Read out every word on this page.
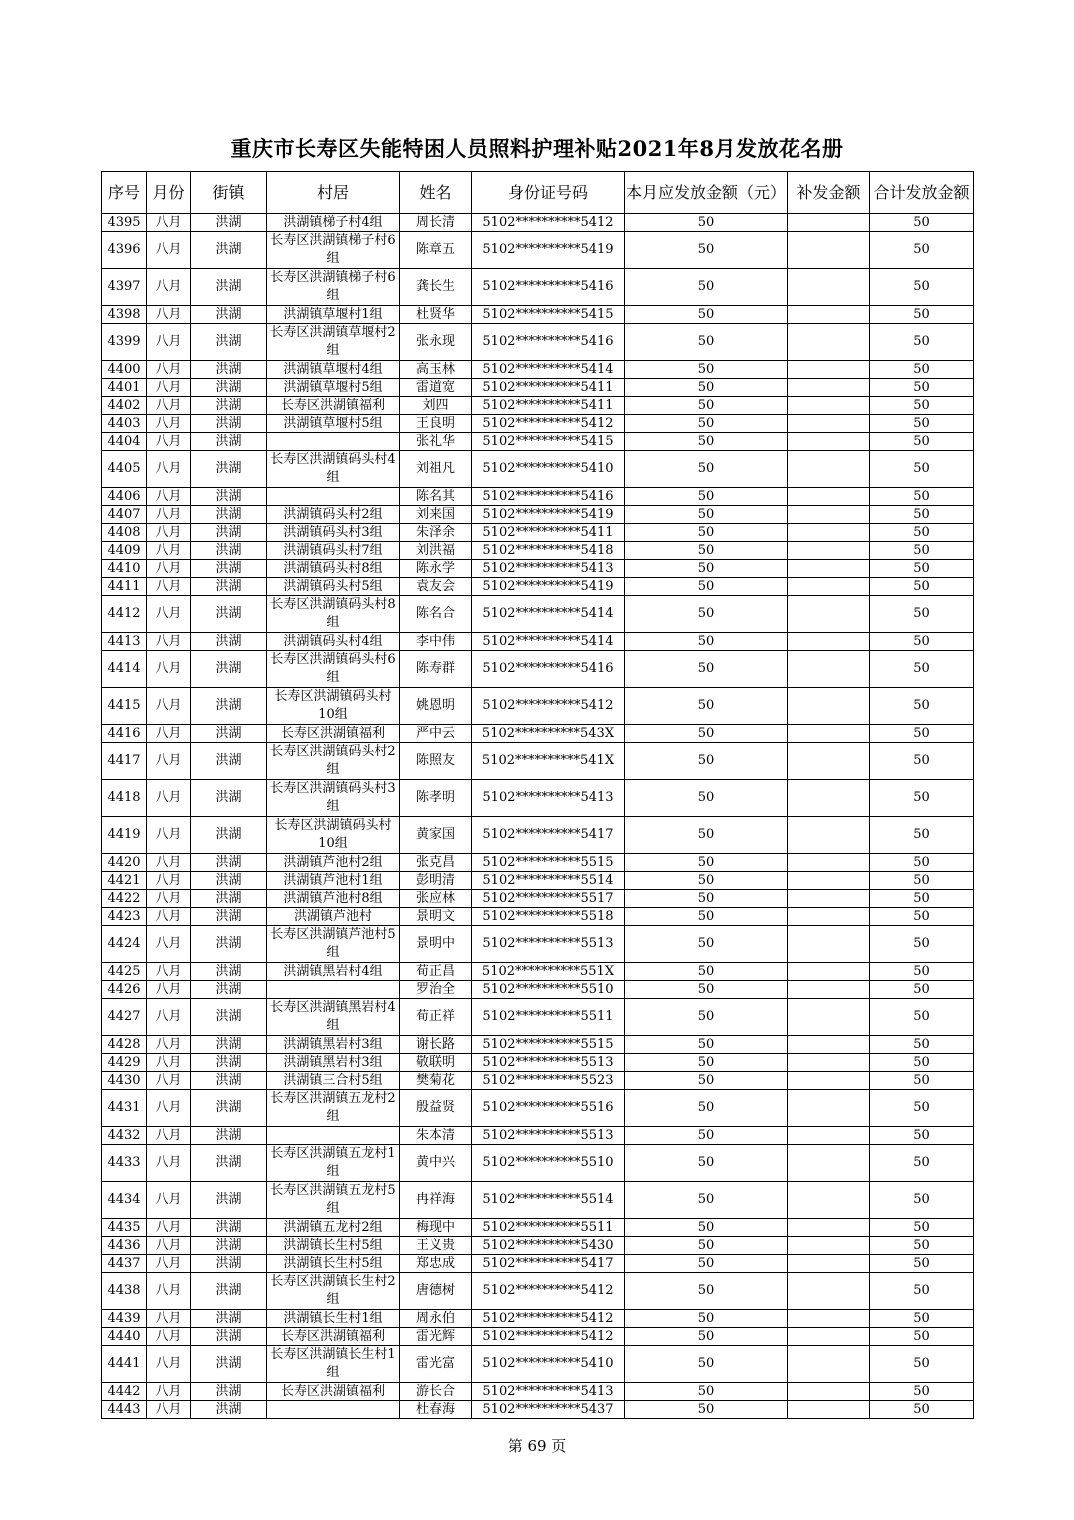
重庆市长寿区失能特困人员照料护理补贴2021年8月发放花名册
序号	月份	街镇	村居	姓名	身份证号码	本月应发放金额（元）	补发金额	合计发放金额
4395	八月	洪湖	洪湖镇梯子村4组	周长清	5102**********5412	50		50
4396	八月	洪湖	长寿区洪湖镇梯子村6组	陈章五	5102**********5419	50		50
4397	八月	洪湖	长寿区洪湖镇梯子村6组	龚长生	5102**********5416	50		50
4398	八月	洪湖	洪湖镇草堰村1组	杜贤华	5102**********5415	50		50
4399	八月	洪湖	长寿区洪湖镇草堰村2组	张永现	5102**********5416	50		50
4400	八月	洪湖	洪湖镇草堰村4组	高玉林	5102**********5414	50		50
4401	八月	洪湖	洪湖镇草堰村5组	雷道宽	5102**********5411	50		50
4402	八月	洪湖	长寿区洪湖镇福利	刘四	5102**********5411	50		50
4403	八月	洪湖	洪湖镇草堰村5组	王良明	5102**********5412	50		50
4404	八月	洪湖		张礼华	5102**********5415	50		50
4405	八月	洪湖	长寿区洪湖镇码头村4组	刘祖凡	5102**********5410	50		50
4406	八月	洪湖		陈名其	5102**********5416	50		50
4407	八月	洪湖	洪湖镇码头村2组	刘来国	5102**********5419	50		50
4408	八月	洪湖	洪湖镇码头村3组	朱泽余	5102**********5411	50		50
4409	八月	洪湖	洪湖镇码头村7组	刘洪福	5102**********5418	50		50
4410	八月	洪湖	洪湖镇码头村8组	陈永学	5102**********5413	50		50
4411	八月	洪湖	洪湖镇码头村5组	袁友会	5102**********5419	50		50
4412	八月	洪湖	长寿区洪湖镇码头村8组	陈名合	5102**********5414	50		50
4413	八月	洪湖	洪湖镇码头村4组	李中伟	5102**********5414	50		50
4414	八月	洪湖	长寿区洪湖镇码头村6组	陈寿群	5102**********5416	50		50
4415	八月	洪湖	长寿区洪湖镇码头村10组	姚恩明	5102**********5412	50		50
4416	八月	洪湖	长寿区洪湖镇福利	严中云	5102**********543X	50		50
4417	八月	洪湖	长寿区洪湖镇码头村2组	陈照友	5102**********541X	50		50
4418	八月	洪湖	长寿区洪湖镇码头村3组	陈孝明	5102**********5413	50		50
4419	八月	洪湖	长寿区洪湖镇码头村10组	黄家国	5102**********5417	50		50
4420	八月	洪湖	洪湖镇芦池村2组	张克昌	5102**********5515	50		50
4421	八月	洪湖	洪湖镇芦池村1组	彭明清	5102**********5514	50		50
4422	八月	洪湖	洪湖镇芦池村8组	张应林	5102**********5517	50		50
4423	八月	洪湖	洪湖镇芦池村	景明文	5102**********5518	50		50
4424	八月	洪湖	长寿区洪湖镇芦池村5组	景明中	5102**********5513	50		50
4425	八月	洪湖	洪湖镇黑岩村4组	荀正昌	5102**********551X	50		50
4426	八月	洪湖		罗治全	5102**********5510	50		50
4427	八月	洪湖	长寿区洪湖镇黑岩村4组	荀正祥	5102**********5511	50		50
4428	八月	洪湖	洪湖镇黑岩村3组	谢长路	5102**********5515	50		50
4429	八月	洪湖	洪湖镇黑岩村3组	敬联明	5102**********5513	50		50
4430	八月	洪湖	洪湖镇三合村5组	樊菊花	5102**********5523	50		50
4431	八月	洪湖	长寿区洪湖镇五龙村2组	殷益贤	5102**********5516	50		50
4432	八月	洪湖		朱本清	5102**********5513	50		50
4433	八月	洪湖	长寿区洪湖镇五龙村1组	黄中兴	5102**********5510	50		50
4434	八月	洪湖	长寿区洪湖镇五龙村5组	冉祥海	5102**********5514	50		50
4435	八月	洪湖	洪湖镇五龙村2组	梅现中	5102**********5511	50		50
4436	八月	洪湖	洪湖镇长生村5组	王义贵	5102**********5430	50		50
4437	八月	洪湖	洪湖镇长生村5组	郑忠成	5102**********5417	50		50
4438	八月	洪湖	长寿区洪湖镇长生村2组	唐德树	5102**********5412	50		50
4439	八月	洪湖	洪湖镇长生村1组	周永伯	5102**********5412	50		50
4440	八月	洪湖	长寿区洪湖镇福利	雷光辉	5102**********5412	50		50
4441	八月	洪湖	长寿区洪湖镇长生村1组	雷光富	5102**********5410	50		50
4442	八月	洪湖	长寿区洪湖镇福利	游长合	5102**********5413	50		50
4443	八月	洪湖		杜春海	5102**********5437	50		50
第 69 页
